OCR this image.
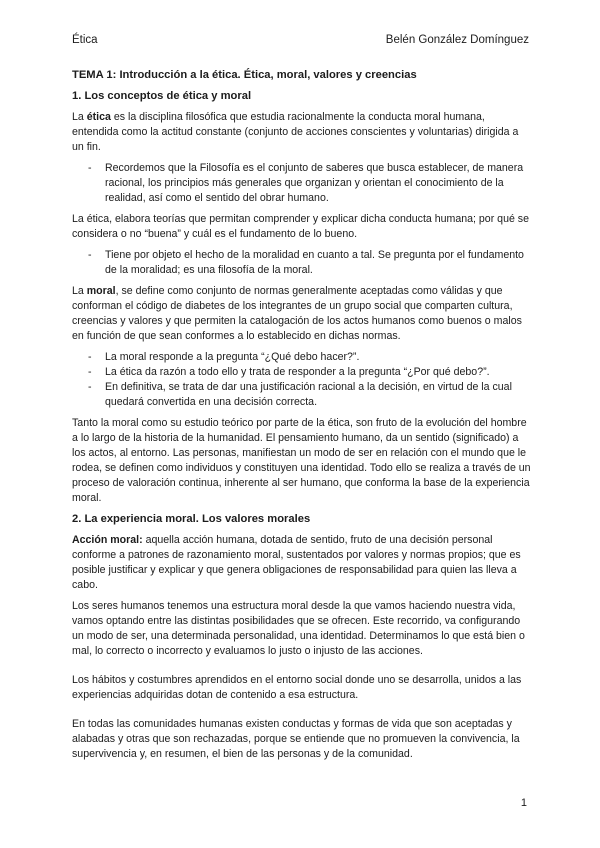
Ética	Belén González Domínguez

TEMA 1: Introducción a la ética. Ética, moral, valores y creencias

1. Los conceptos de ética y moral

La ética es la disciplina filosófica que estudia racionalmente la conducta moral humana, entendida como la actitud constante (conjunto de acciones conscientes y voluntarias) dirigida a un fin.

- Recordemos que la Filosofía es el conjunto de saberes que busca establecer, de manera racional, los principios más generales que organizan y orientan el conocimiento de la realidad, así como el sentido del obrar humano.

La ética, elabora teorías que permitan comprender y explicar dicha conducta humana; por qué se considera o no “buena” y cuál es el fundamento de lo bueno.

- Tiene por objeto el hecho de la moralidad en cuanto a tal. Se pregunta por el fundamento de la moralidad; es una filosofía de la moral.

La moral, se define como conjunto de normas generalmente aceptadas como válidas y que conforman el código de diabetes de los integrantes de un grupo social que comparten cultura, creencias y valores y que permiten la catalogación de los actos humanos como buenos o malos en función de que sean conformes a lo establecido en dichas normas.

- La moral responde a la pregunta “¿Qué debo hacer?”.
- La ética da razón a todo ello y trata de responder a la pregunta “¿Por qué debo?”.
- En definitiva, se trata de dar una justificación racional a la decisión, en virtud de la cual quedará convertida en una decisión correcta.

Tanto la moral como su estudio teórico por parte de la ética, son fruto de la evolución del hombre a lo largo de la historia de la humanidad. El pensamiento humano, da un sentido (significado) a los actos, al entorno. Las personas, manifiestan un modo de ser en relación con el mundo que le rodea, se definen como individuos y constituyen una identidad. Todo ello se realiza a través de un proceso de valoración continua, inherente al ser humano, que conforma la base de la experiencia moral.

2. La experiencia moral. Los valores morales

Acción moral: aquella acción humana, dotada de sentido, fruto de una decisión personal conforme a patrones de razonamiento moral, sustentados por valores y normas propios; que es posible justificar y explicar y que genera obligaciones de responsabilidad para quien las lleva a cabo.

Los seres humanos tenemos una estructura moral desde la que vamos haciendo nuestra vida, vamos optando entre las distintas posibilidades que se ofrecen. Este recorrido, va configurando un modo de ser, una determinada personalidad, una identidad. Determinamos lo que está bien o mal, lo correcto o incorrecto y evaluamos lo justo o injusto de las acciones.

Los hábitos y costumbres aprendidos en el entorno social donde uno se desarrolla, unidos a las experiencias adquiridas dotan de contenido a esa estructura.

En todas las comunidades humanas existen conductas y formas de vida que son aceptadas y alabadas y otras que son rechazadas, porque se entiende que no promueven la convivencia, la supervivencia y, en resumen, el bien de las personas y de la comunidad.

1
